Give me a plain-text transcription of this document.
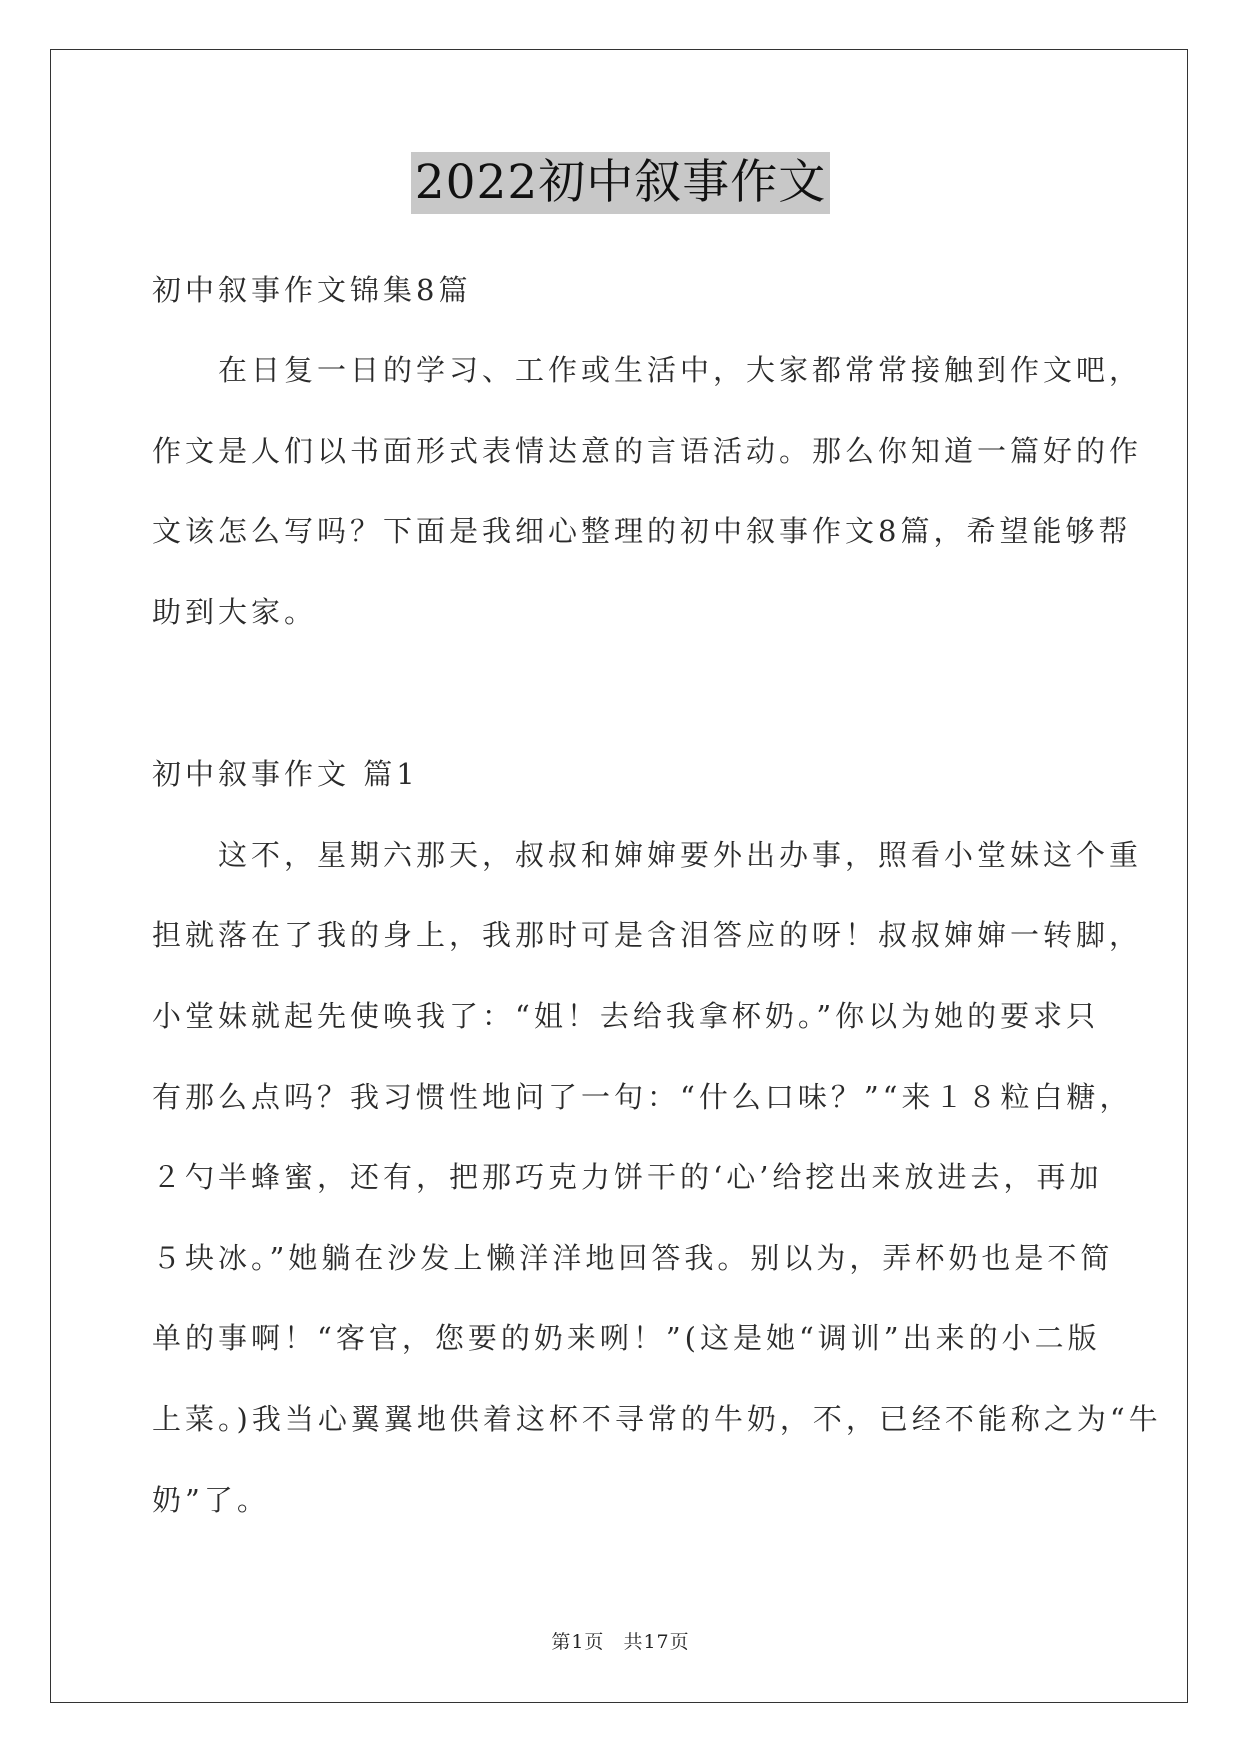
2022初中叙事作文
初中叙事作文锦集8篇
　　在日复一日的学习、工作或生活中，大家都常常接触到作文吧，
作文是人们以书面形式表情达意的言语活动。那么你知道一篇好的作
文该怎么写吗？下面是我细心整理的初中叙事作文8篇，希望能够帮
助到大家。
初中叙事作文 篇1
　　这不，星期六那天，叔叔和婶婶要外出办事，照看小堂妹这个重
担就落在了我的身上，我那时可是含泪答应的呀！叔叔婶婶一转脚，
小堂妹就起先使唤我了：“姐！去给我拿杯奶。”你以为她的要求只
有那么点吗？我习惯性地问了一句：“什么口味？”“来１８粒白糖，
２勺半蜂蜜，还有，把那巧克力饼干的‘心’给挖出来放进去，再加
５块冰。”她躺在沙发上懒洋洋地回答我。别以为，弄杯奶也是不简
单的事啊！“客官，您要的奶来咧！”(这是她“调训”出来的小二版
上菜。)我当心翼翼地供着这杯不寻常的牛奶，不，已经不能称之为“牛
奶”了。
第1页 共17页
